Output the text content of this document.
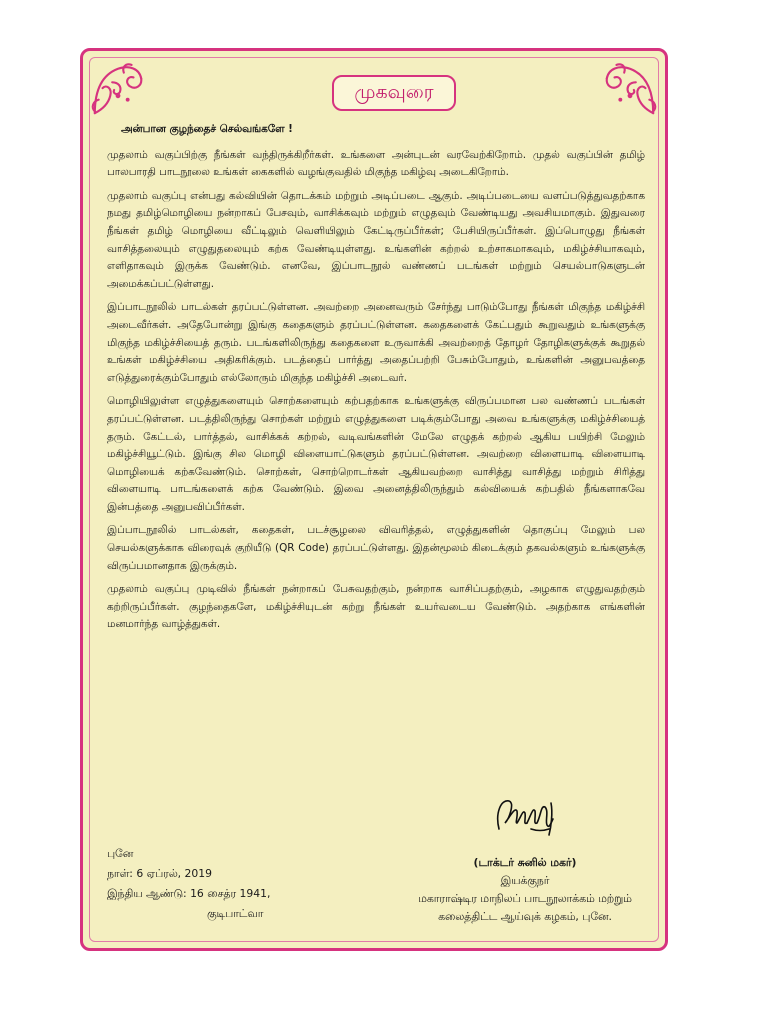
முகவுரை
அன்பான குழந்தைச் செல்வங்களே !

முதலாம் வகுப்பிற்கு நீங்கள் வந்திருக்கிறீர்கள். உங்களை அன்புடன் வரவேற்கிறோம். முதல் வகுப்பின் தமிழ் பாலபாரதி பாடநூலை உங்கள் கைகளில் வழங்குவதில் மிகுந்த மகிழ்வு அடைகிறோம்.

முதலாம் வகுப்பு என்பது கல்வியின் தொடக்கம் மற்றும் அடிப்படை ஆகும். அடிப்படையை வளப்படுத்துவதற்காக நமது தமிழ்மொழியை நன்றாகப் பேசவும், வாசிக்கவும் மற்றும் எழுதவும் வேண்டியது அவசியமாகும். இதுவரை நீங்கள் தமிழ் மொழியை வீட்டிலும் வெளியிலும் கேட்டிருப்பீர்கள்; பேசியிருப்பீர்கள். இப்பொழுது நீங்கள் வாசித்தலையும் எழுதுதலையும் கற்க வேண்டியுள்ளது. உங்களின் கற்றல் உற்சாகமாகவும், மகிழ்ச்சியாகவும், எளிதாகவும் இருக்க வேண்டும். எனவே, இப்பாடநூல் வண்ணப் படங்கள் மற்றும் செயல்பாடுகளுடன் அமைக்கப்பட்டுள்ளது.

இப்பாடநூலில் பாடல்கள் தரப்பட்டுள்ளன. அவற்றை அனைவரும் சேர்ந்து பாடும்போது நீங்கள் மிகுந்த மகிழ்ச்சி அடைவீர்கள். அதேபோன்று இங்கு கதைகளும் தரப்பட்டுள்ளன. கதைகளைக் கேட்பதும் கூறுவதும் உங்களுக்கு மிகுந்த மகிழ்ச்சியைத் தரும். படங்களிலிருந்து கதைகளை உருவாக்கி அவற்றைத் தோழர் தோழிகளுக்குக் கூறுதல் உங்கள் மகிழ்ச்சியை அதிகரிக்கும். படத்தைப் பார்த்து அதைப்பற்றி பேசும்போதும், உங்களின் அனுபவத்தை எடுத்துரைக்கும்போதும் எல்லோரும் மிகுந்த மகிழ்ச்சி அடைவர்.

மொழியிலுள்ள எழுத்துகளையும் சொற்களையும் கற்பதற்காக உங்களுக்கு விருப்பமான பல வண்ணப் படங்கள் தரப்பட்டுள்ளன. படத்திலிருந்து சொற்கள் மற்றும் எழுத்துகளை படிக்கும்போது அவை உங்களுக்கு மகிழ்ச்சியைத் தரும். கேட்டல், பார்த்தல், வாசிக்கக் கற்றல், வடிவங்களின் மேலே எழுதக் கற்றல் ஆகிய பயிற்சி மேலும் மகிழ்ச்சியூட்டும். இங்கு சில மொழி விளையாட்டுகளும் தரப்பட்டுள்ளன. அவற்றை விளையாடி விளையாடி மொழியைக் கற்கவேண்டும். சொற்கள், சொற்றொடர்கள் ஆகியவற்றை வாசித்து வாசித்து மற்றும் சிரித்து விளையாடி பாடங்களைக் கற்க வேண்டும். இவை அனைத்திலிருந்தும் கல்வியைக் கற்பதில் நீங்களாகவே இன்பத்தை அனுபவிப்பீர்கள்.

இப்பாடநூலில் பாடல்கள், கதைகள், படச்சூழலை விவரித்தல், எழுத்துகளின் தொகுப்பு மேலும் பல செயல்களுக்காக விரைவுக் குறியீடு (QR Code) தரப்பட்டுள்ளது. இதன்மூலம் கிடைக்கும் தகவல்களும் உங்களுக்கு விருப்பமானதாக இருக்கும்.

முதலாம் வகுப்பு முடிவில் நீங்கள் நன்றாகப் பேசுவதற்கும், நன்றாக வாசிப்பதற்கும், அழகாக எழுதுவதற்கும் கற்றிருப்பீர்கள். குழந்தைகளே, மகிழ்ச்சியுடன் கற்று நீங்கள் உயர்வடைய வேண்டும். அதற்காக எங்களின் மனமார்ந்த வாழ்த்துகள்.

புனே
நாள்: 6 ஏப்ரல், 2019
இந்திய ஆண்டு: 16 சைத்ர 1941,
குடிபாட்வா
(டாக்டர் சுனில் மகர்)
இயக்குநர்
மகாராஷ்டிர மாநிலப் பாடநூலாக்கம் மற்றும்
கலைத்திட்ட ஆய்வுக் கழகம், புனே.
